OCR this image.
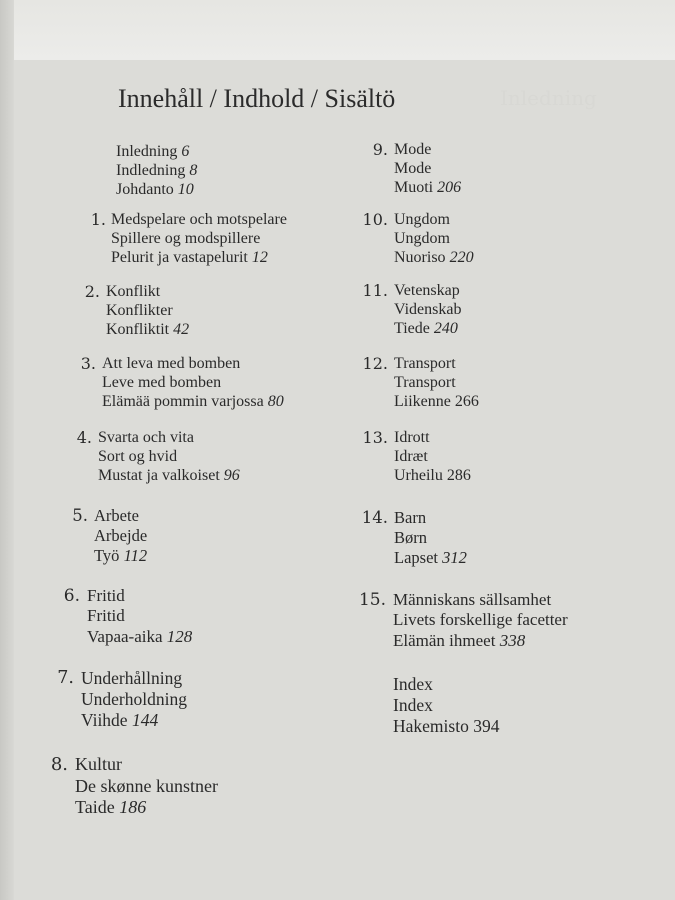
Inledning
Innehåll / Indhold / Sisältö
Inledning 6
Indledning 8
Johdanto 10
1. Medspelare och motspelare
Spillere og modspillere
Pelurit ja vastapelurit 12
2. Konflikt
Konflikter
Konfliktit 42
3. Att leva med bomben
Leve med bomben
Elämää pommin varjossa 80
4. Svarta och vita
Sort og hvid
Mustat ja valkoiset 96
5. Arbete
Arbejde
Työ 112
6. Fritid
Fritid
Vapaa-aika 128
7. Underhållning
Underholdning
Viihde 144
8. Kultur
De skønne kunstner
Taide 186
9. Mode
Mode
Muoti 206
10. Ungdom
Ungdom
Nuoriso 220
11. Vetenskap
Videnskab
Tiede 240
12. Transport
Transport
Liikenne 266
13. Idrott
Idræt
Urheilu 286
14. Barn
Børn
Lapset 312
15. Människans sällsamhet
Livets forskellige facetter
Elämän ihmeet 338
Index
Index
Hakemisto 394
